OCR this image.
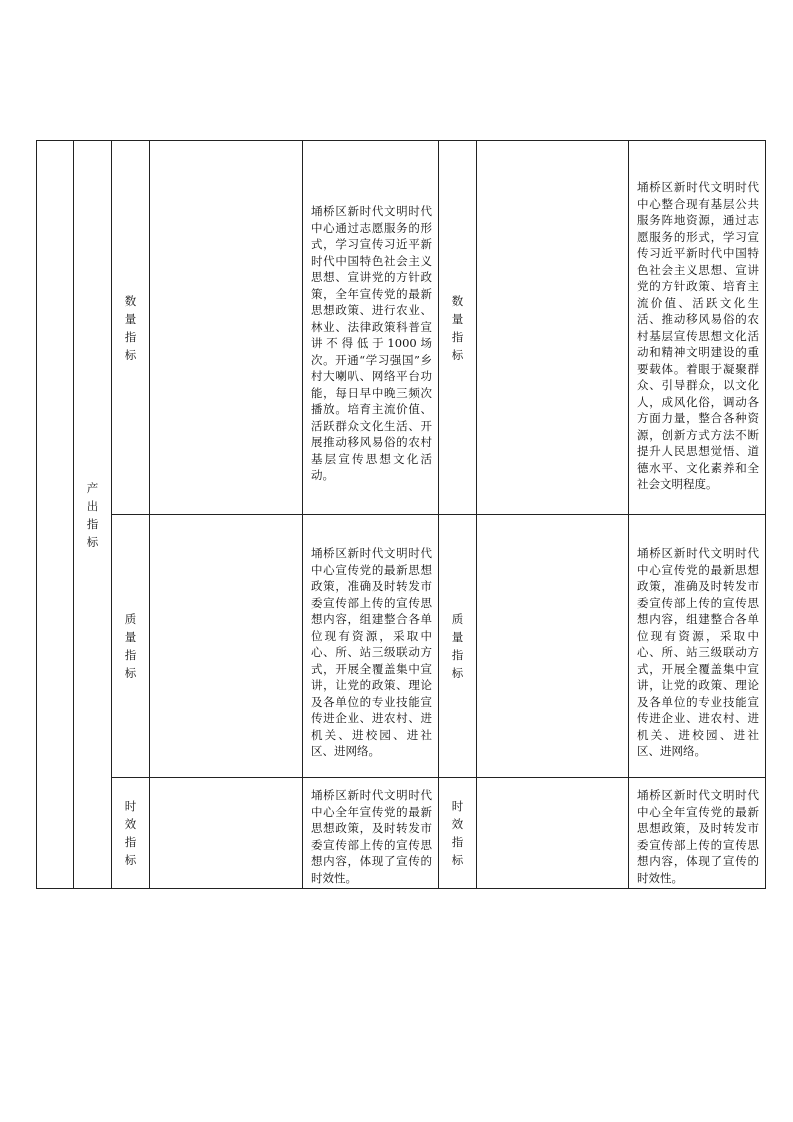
产出指标
数量指标
埇桥区新时代文明时代中心通过志愿服务的形式，学习宣传习近平新时代中国特色社会主义思想、宣讲党的方针政策，全年宣传党的最新思想政策、进行农业、林业、法律政策科普宣讲不得低于1000场次。开通“学习强国”乡村大喇叭、网络平台功能，每日早中晚三频次播放。培育主流价值、活跃群众文化生活、开展推动移风易俗的农村基层宣传思想文化活动。
数量指标
埇桥区新时代文明时代中心整合现有基层公共服务阵地资源，通过志愿服务的形式，学习宣传习近平新时代中国特色社会主义思想、宣讲党的方针政策、培育主流价值、活跃文化生活、推动移风易俗的农村基层宣传思想文化活动和精神文明建设的重要载体。着眼于凝聚群众、引导群众，以文化人，成风化俗，调动各方面力量，整合各种资源，创新方式方法不断提升人民思想觉悟、道德水平、文化素养和全社会文明程度。
质量指标
埇桥区新时代文明时代中心宣传党的最新思想政策，准确及时转发市委宣传部上传的宣传思想内容，组建整合各单位现有资源，采取中心、所、站三级联动方式，开展全覆盖集中宣讲，让党的政策、理论及各单位的专业技能宣传进企业、进农村、进机关、进校园、进社区、进网络。
质量指标
埇桥区新时代文明时代中心宣传党的最新思想政策，准确及时转发市委宣传部上传的宣传思想内容，组建整合各单位现有资源，采取中心、所、站三级联动方式，开展全覆盖集中宣讲，让党的政策、理论及各单位的专业技能宣传进企业、进农村、进机关、进校园、进社区、进网络。
时效指标
埇桥区新时代文明时代中心全年宣传党的最新思想政策，及时转发市委宣传部上传的宣传思想内容，体现了宣传的时效性。
时效指标
埇桥区新时代文明时代中心全年宣传党的最新思想政策，及时转发市委宣传部上传的宣传思想内容，体现了宣传的时效性。
